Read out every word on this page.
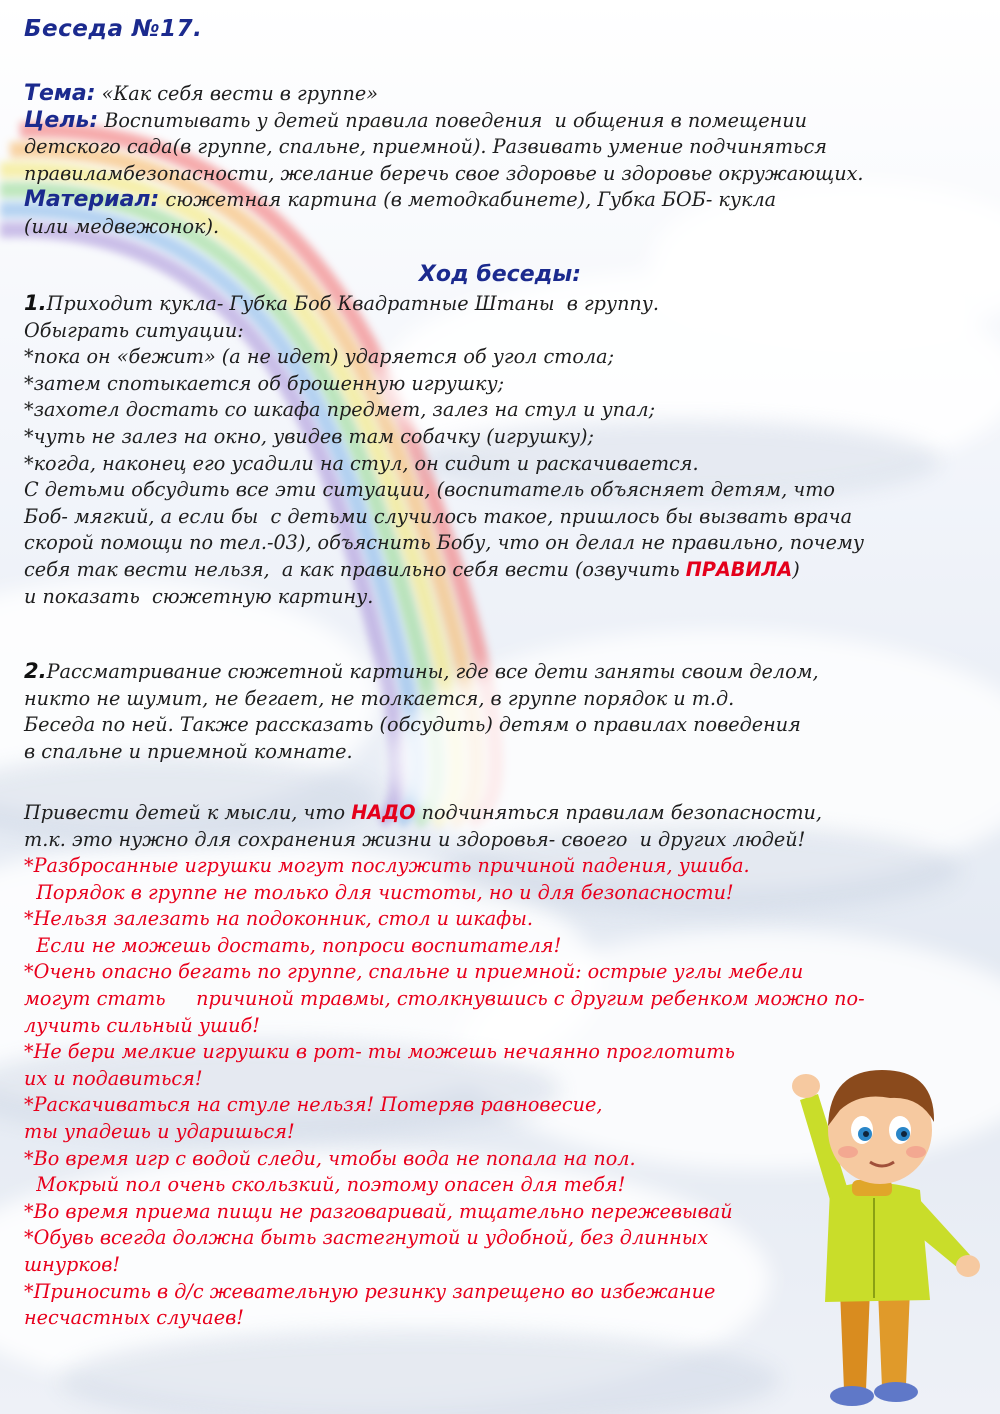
Беседа №17.
Тема: «Как себя вести в группе»
Цель: Воспитывать у детей правила поведения  и общения в помещении
детского сада(в группе, спальне, приемной). Развивать умение подчиняться
правиламбезопасности, желание беречь свое здоровье и здоровье окружающих.
Материал: сюжетная картина (в методкабинете), Губка БОБ- кукла
(или медвежонок).
Ход беседы:
1.Приходит кукла- Губка Боб Квадратные Штаны  в группу.
Обыграть ситуации:
*пока он «бежит» (а не идет) ударяется об угол стола;
*затем спотыкается об брошенную игрушку;
*захотел достать со шкафа предмет, залез на стул и упал;
*чуть не залез на окно, увидев там собачку (игрушку);
*когда, наконец его усадили на стул, он сидит и раскачивается.
С детьми обсудить все эти ситуации, (воспитатель объясняет детям, что
Боб- мягкий, а если бы  с детьми случилось такое, пришлось бы вызвать врача
скорой помощи по тел.-03), объяснить Бобу, что он делал не правильно, почему
себя так вести нельзя,  а как правильно себя вести (озвучить ПРАВИЛА)
и показать  сюжетную картину.
2.Рассматривание сюжетной картины, где все дети заняты своим делом,
никто не шумит, не бегает, не толкается, в группе порядок и т.д.
Беседа по ней. Также рассказать (обсудить) детям о правилах поведения
в спальне и приемной комнате.
Привести детей к мысли, что НАДО подчиняться правилам безопасности,
т.к. это нужно для сохранения жизни и здоровья- своего  и других людей!
*Разбросанные игрушки могут послужить причиной падения, ушиба.
Порядок в группе не только для чистоты, но и для безопасности!
*Нельзя залезать на подоконник, стол и шкафы.
Если не можешь достать, попроси воспитателя!
*Очень опасно бегать по группе, спальне и приемной: острые углы мебели
могут стать     причиной травмы, столкнувшись с другим ребенком можно по-
лучить сильный ушиб!
*Не бери мелкие игрушки в рот- ты можешь нечаянно проглотить
их и подавиться!
*Раскачиваться на стуле нельзя! Потеряв равновесие,
ты упадешь и ударишься!
*Во время игр с водой следи, чтобы вода не попала на пол.
Мокрый пол очень скользкий, поэтому опасен для тебя!
*Во время приема пищи не разговаривай, тщательно пережевывай
*Обувь всегда должна быть застегнутой и удобной, без длинных
шнурков!
*Приносить в д/с жевательную резинку запрещено во избежание
несчастных случаев!
